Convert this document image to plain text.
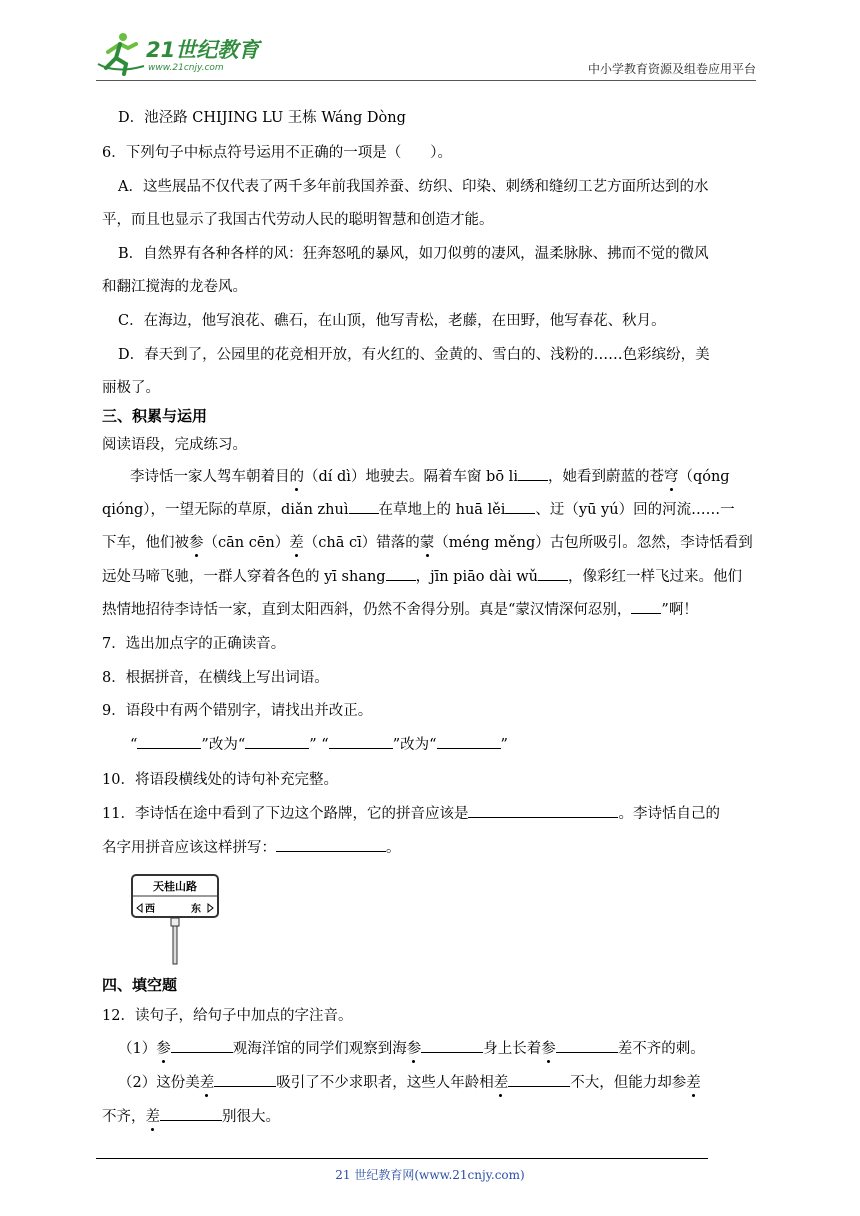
21世纪教育
www.21cnjy.com	中小学教育资源及组卷应用平台
D．池泾路 CHIJING LU 王栋 Wáng Dòng
6．下列句子中标点符号运用不正确的一项是（　　）。
A．这些展品不仅代表了两千多年前我国养蚕、纺织、印染、刺绣和缝纫工艺方面所达到的水
平，而且也显示了我国古代劳动人民的聪明智慧和创造才能。
B．自然界有各种各样的风：狂奔怒吼的暴风，如刀似剪的凄风，温柔脉脉、拂而不觉的微风
和翻江搅海的龙卷风。
C．在海边，他写浪花、礁石，在山顶，他写青松，老藤，在田野，他写春花、秋月。
D．春天到了，公园里的花竞相开放，有火红的、金黄的、雪白的、浅粉的……色彩缤纷，美
丽极了。
三、积累与运用
阅读语段，完成练习。
李诗恬一家人驾车朝着目的（dí dì）地驶去。隔着车窗 bō li ，她看到蔚蓝的苍穹（qónɡ
qióng），一望无际的草原，diǎn zhuì 在草地上的 huā lěi 、迂（yū yú）回的河流……一
下车，他们被参（cān cēn）差（chā cī）错落的蒙（méng měng）古包所吸引。忽然，李诗恬看到
远处马啼飞驰，一群人穿着各色的 yī shang ，jīn piāo dài wǔ ，像彩红一样飞过来。他们
热情地招待李诗恬一家，直到太阳西斜，仍然不舍得分别。真是“蒙汉情深何忍别， ”啊！
7．选出加点字的正确读音。
8．根据拼音，在横线上写出词语。
9．语段中有两个错别字，请找出并改正。
“	”改为“	” “	”改为“	”
10．将语段横线处的诗句补充完整。
11．李诗恬在途中看到了下边这个路牌，它的拼音应该是	。李诗恬自己的
名字用拼音应该这样拼写：	。
四、填空题
12．读句子，给句子中加点的字注音。
（1）参	观海洋馆的同学们观察到海参	身上长着参	差不齐的刺。
（2）这份美差	吸引了不少求职者，这些人年龄相差	不大，但能力却参差
不齐，差	别很大。
天桂山路
西	东
21 世纪教育网(www.21cnjy.com)
